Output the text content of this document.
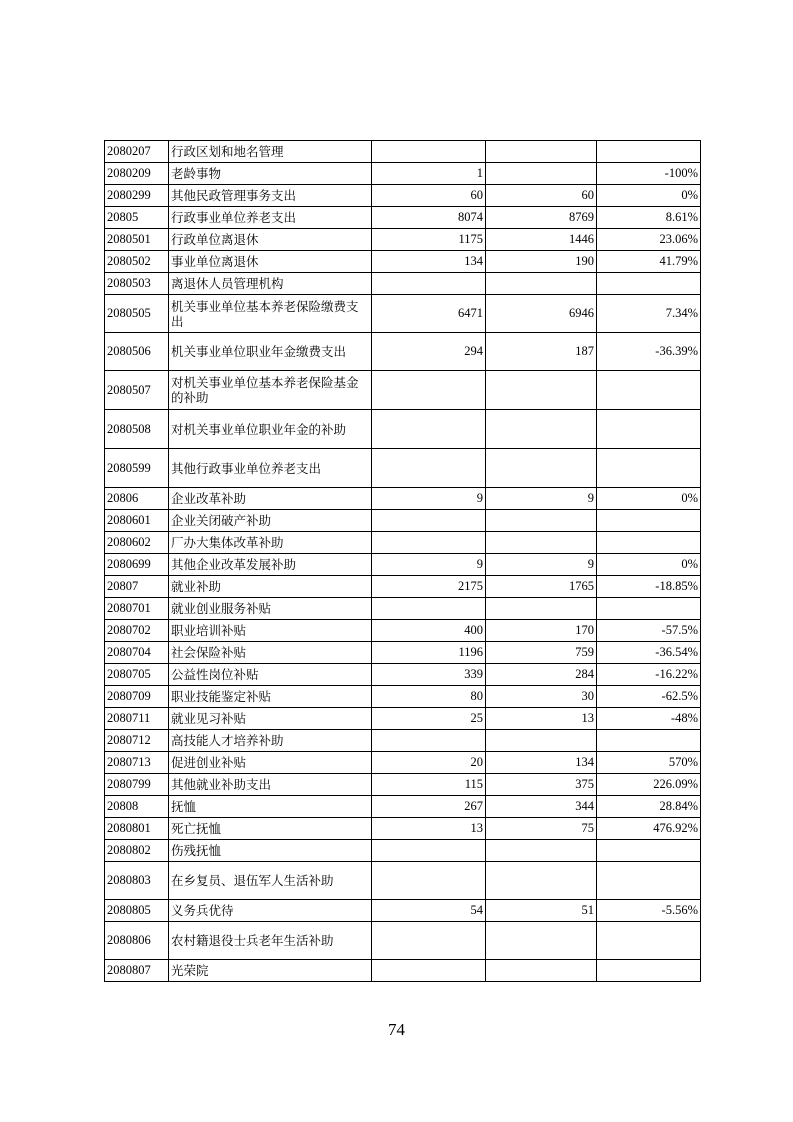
2080207	行政区划和地名管理			
2080209	老龄事物	1		-100%
2080299	其他民政管理事务支出	60	60	0%
20805	行政事业单位养老支出	8074	8769	8.61%
2080501	行政单位离退休	1175	1446	23.06%
2080502	事业单位离退休	134	190	41.79%
2080503	离退休人员管理机构			
2080505	机关事业单位基本养老保险缴费支出	6471	6946	7.34%
2080506	机关事业单位职业年金缴费支出	294	187	-36.39%
2080507	对机关事业单位基本养老保险基金的补助			
2080508	对机关事业单位职业年金的补助			
2080599	其他行政事业单位养老支出			
20806	企业改革补助	9	9	0%
2080601	企业关闭破产补助			
2080602	厂办大集体改革补助			
2080699	其他企业改革发展补助	9	9	0%
20807	就业补助	2175	1765	-18.85%
2080701	就业创业服务补贴			
2080702	职业培训补贴	400	170	-57.5%
2080704	社会保险补贴	1196	759	-36.54%
2080705	公益性岗位补贴	339	284	-16.22%
2080709	职业技能鉴定补贴	80	30	-62.5%
2080711	就业见习补贴	25	13	-48%
2080712	高技能人才培养补助			
2080713	促进创业补贴	20	134	570%
2080799	其他就业补助支出	115	375	226.09%
20808	抚恤	267	344	28.84%
2080801	死亡抚恤	13	75	476.92%
2080802	伤残抚恤			
2080803	在乡复员、退伍军人生活补助			
2080805	义务兵优待	54	51	-5.56%
2080806	农村籍退役士兵老年生活补助			
2080807	光荣院			
74
